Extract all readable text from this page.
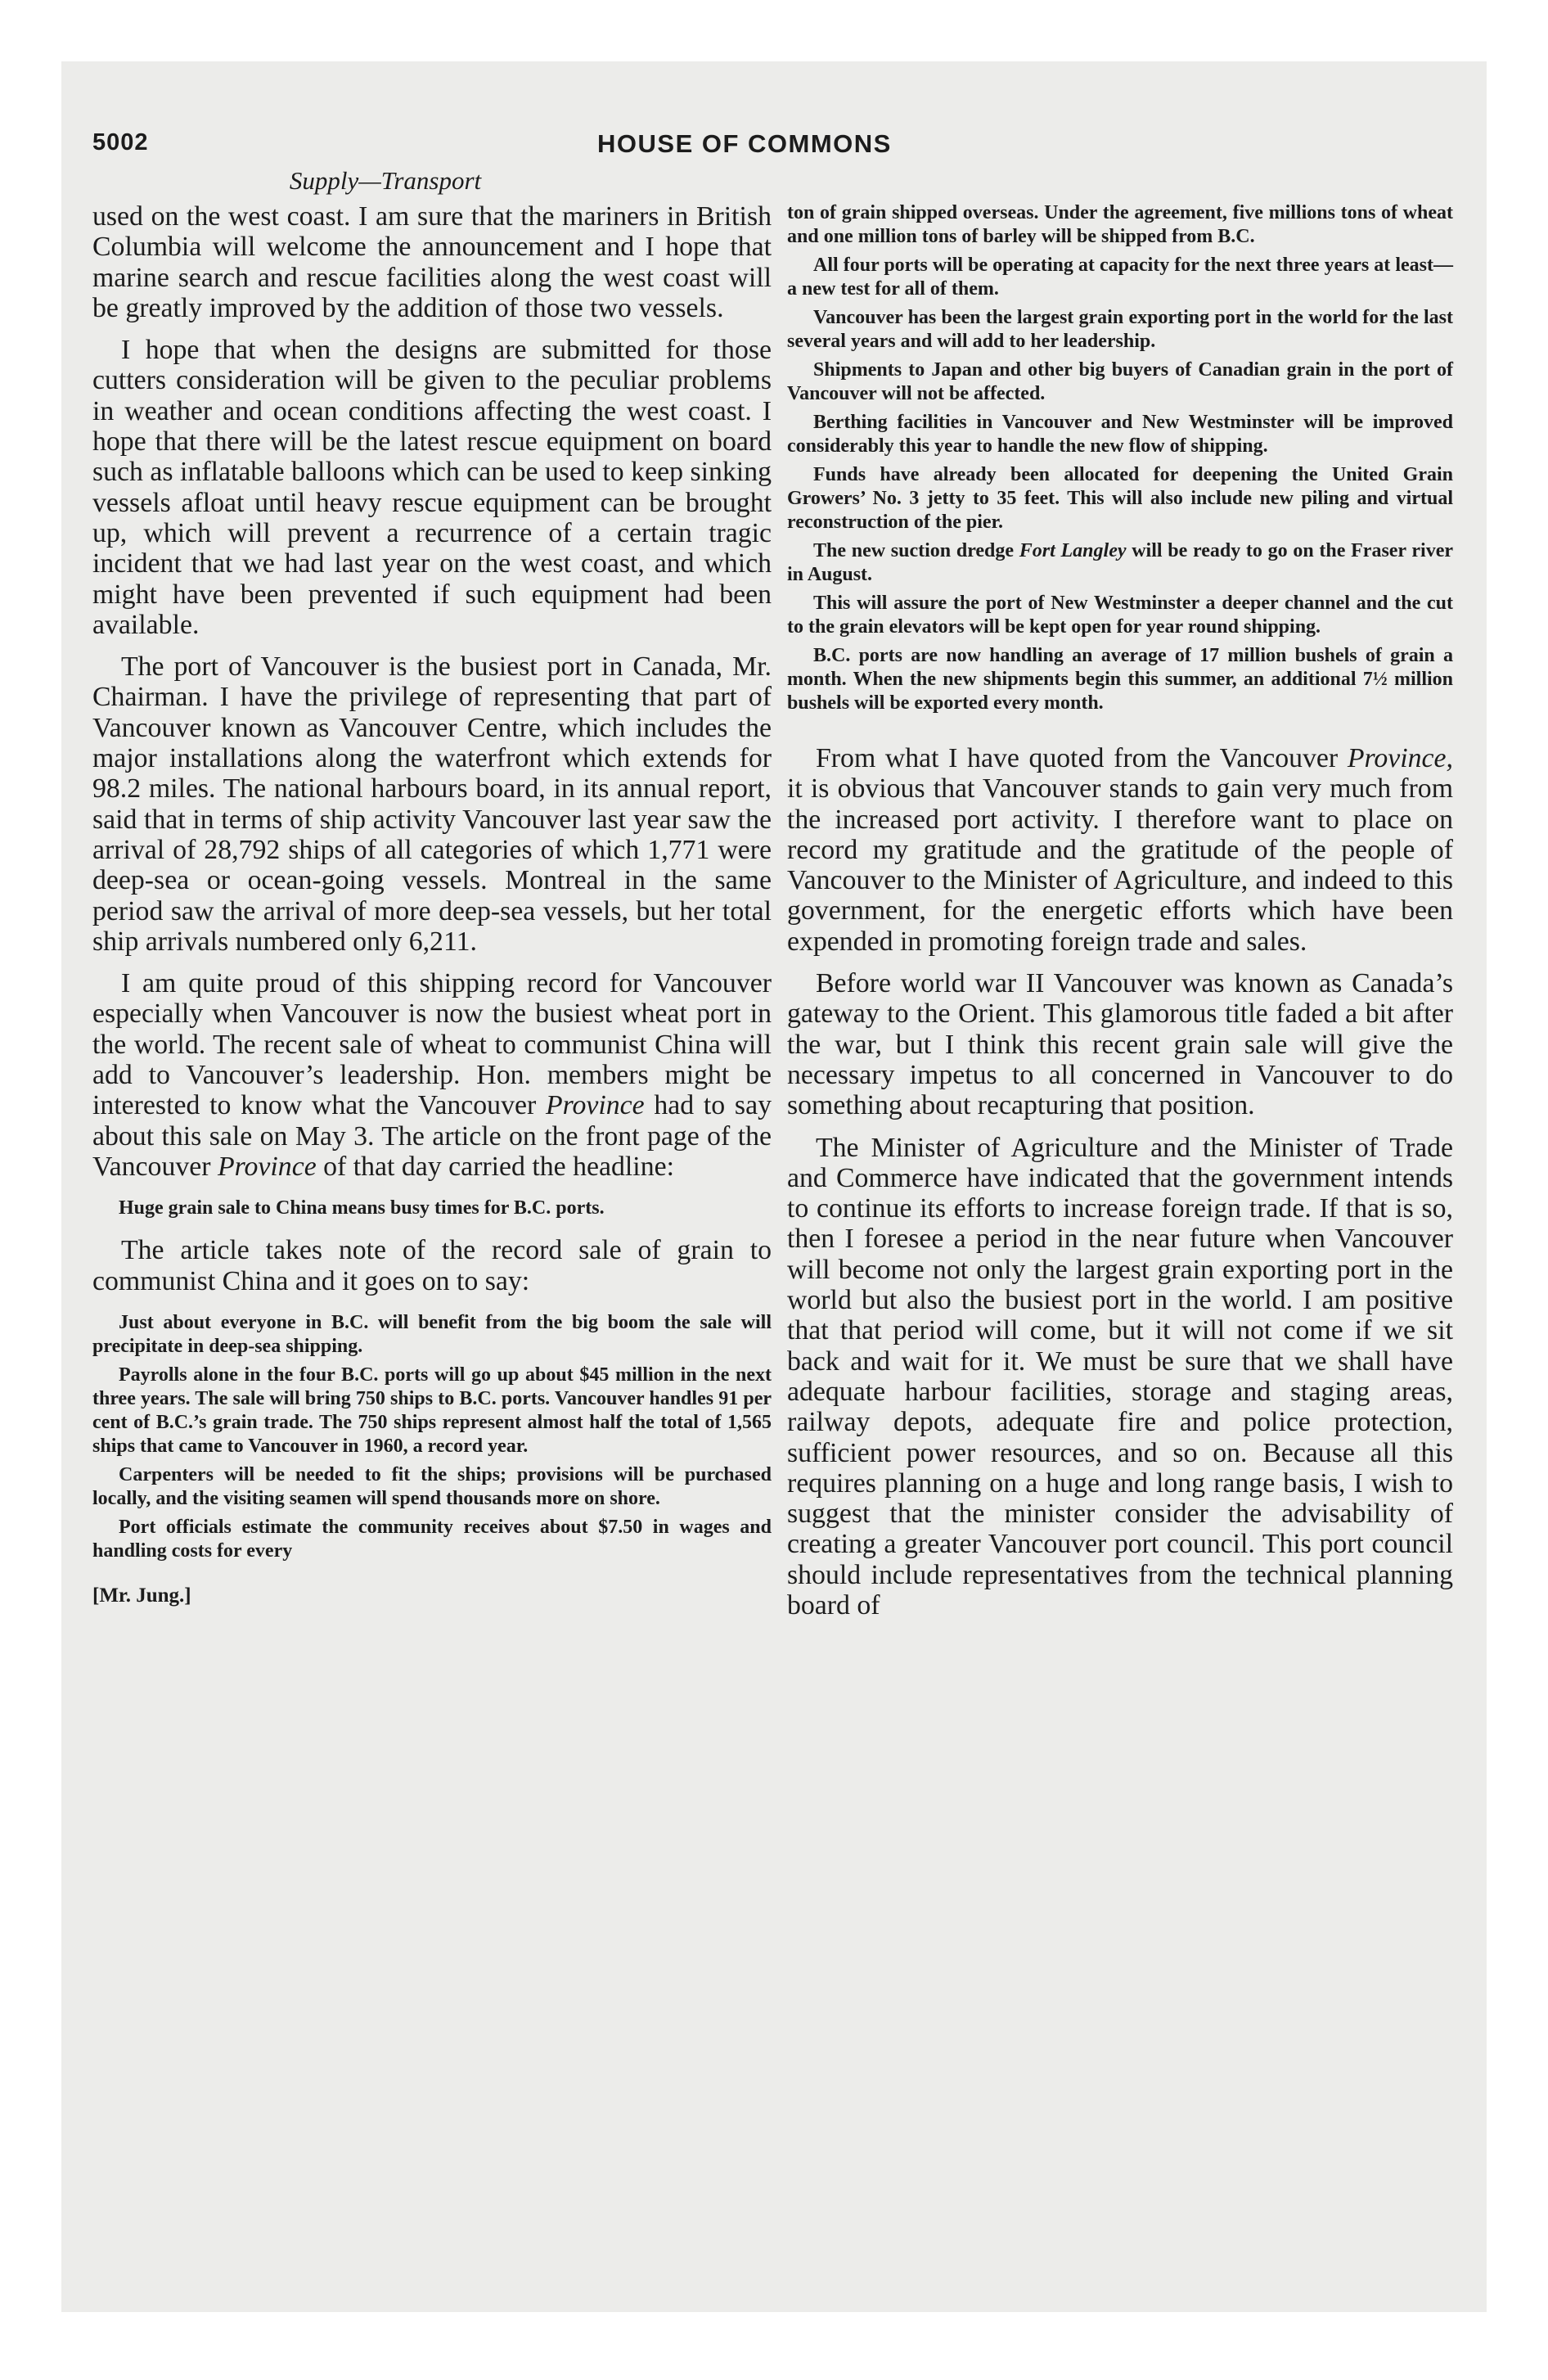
5002	HOUSE OF COMMONS
Supply—Transport

used on the west coast. I am sure that the mariners in British Columbia will welcome the announcement and I hope that marine search and rescue facilities along the west coast will be greatly improved by the addition of those two vessels.

I hope that when the designs are submitted for those cutters consideration will be given to the peculiar problems in weather and ocean conditions affecting the west coast. I hope that there will be the latest rescue equipment on board such as inflatable balloons which can be used to keep sinking vessels afloat until heavy rescue equipment can be brought up, which will prevent a recurrence of a certain tragic incident that we had last year on the west coast, and which might have been prevented if such equipment had been available.

The port of Vancouver is the busiest port in Canada, Mr. Chairman. I have the privilege of representing that part of Vancouver known as Vancouver Centre, which includes the major installations along the waterfront which extends for 98.2 miles. The national harbours board, in its annual report, said that in terms of ship activity Vancouver last year saw the arrival of 28,792 ships of all categories of which 1,771 were deep-sea or ocean-going vessels. Montreal in the same period saw the arrival of more deep-sea vessels, but her total ship arrivals numbered only 6,211.

I am quite proud of this shipping record for Vancouver especially when Vancouver is now the busiest wheat port in the world. The recent sale of wheat to communist China will add to Vancouver’s leadership. Hon. members might be interested to know what the Vancouver Province had to say about this sale on May 3. The article on the front page of the Vancouver Province of that day carried the headline:

Huge grain sale to China means busy times for B.C. ports.

The article takes note of the record sale of grain to communist China and it goes on to say:

Just about everyone in B.C. will benefit from the big boom the sale will precipitate in deep-sea shipping.

Payrolls alone in the four B.C. ports will go up about $45 million in the next three years. The sale will bring 750 ships to B.C. ports. Vancouver handles 91 per cent of B.C.’s grain trade. The 750 ships represent almost half the total of 1,565 ships that came to Vancouver in 1960, a record year.

Carpenters will be needed to fit the ships; provisions will be purchased locally, and the visiting seamen will spend thousands more on shore.

Port officials estimate the community receives about $7.50 in wages and handling costs for every

[Mr. Jung.]

ton of grain shipped overseas. Under the agreement, five millions tons of wheat and one million tons of barley will be shipped from B.C.

All four ports will be operating at capacity for the next three years at least—a new test for all of them.

Vancouver has been the largest grain exporting port in the world for the last several years and will add to her leadership.

Shipments to Japan and other big buyers of Canadian grain in the port of Vancouver will not be affected.

Berthing facilities in Vancouver and New Westminster will be improved considerably this year to handle the new flow of shipping.

Funds have already been allocated for deepening the United Grain Growers’ No. 3 jetty to 35 feet. This will also include new piling and virtual reconstruction of the pier.

The new suction dredge Fort Langley will be ready to go on the Fraser river in August.

This will assure the port of New Westminster a deeper channel and the cut to the grain elevators will be kept open for year round shipping.

B.C. ports are now handling an average of 17 million bushels of grain a month. When the new shipments begin this summer, an additional 7½ million bushels will be exported every month.

From what I have quoted from the Vancouver Province, it is obvious that Vancouver stands to gain very much from the increased port activity. I therefore want to place on record my gratitude and the gratitude of the people of Vancouver to the Minister of Agriculture, and indeed to this government, for the energetic efforts which have been expended in promoting foreign trade and sales.

Before world war II Vancouver was known as Canada’s gateway to the Orient. This glamorous title faded a bit after the war, but I think this recent grain sale will give the necessary impetus to all concerned in Vancouver to do something about recapturing that position.

The Minister of Agriculture and the Minister of Trade and Commerce have indicated that the government intends to continue its efforts to increase foreign trade. If that is so, then I foresee a period in the near future when Vancouver will become not only the largest grain exporting port in the world but also the busiest port in the world. I am positive that that period will come, but it will not come if we sit back and wait for it. We must be sure that we shall have adequate harbour facilities, storage and staging areas, railway depots, adequate fire and police protection, sufficient power resources, and so on. Because all this requires planning on a huge and long range basis, I wish to suggest that the minister consider the advisability of creating a greater Vancouver port council. This port council should include representatives from the technical planning board of
